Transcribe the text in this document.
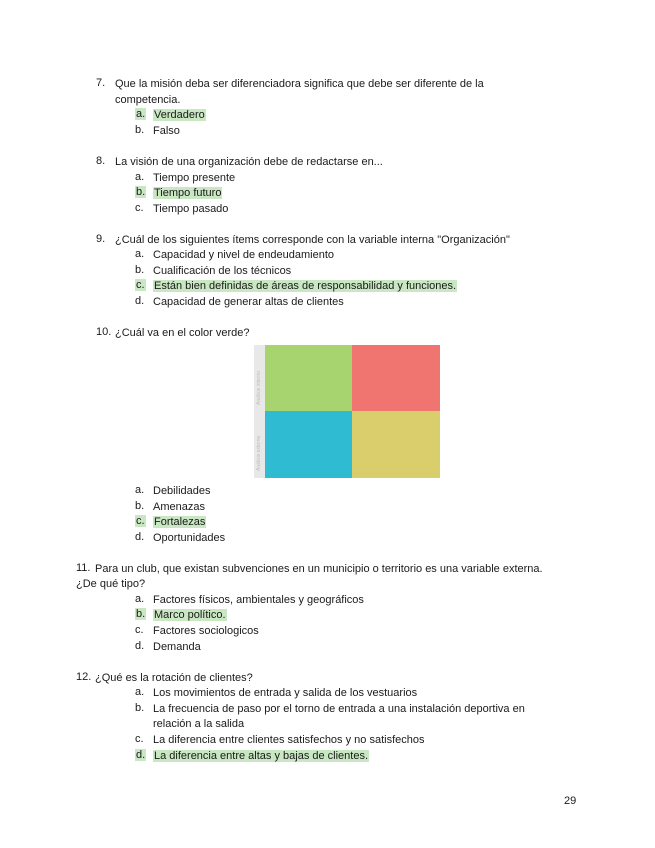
7. Que la misión deba ser diferenciadora significa que debe ser diferente de la
competencia.
a. Verdadero
b. Falso
8. La visión de una organización debe de redactarse en...
a. Tiempo presente
b. Tiempo futuro
c. Tiempo pasado
9. ¿Cuál de los siguientes ítems corresponde con la variable interna "Organización"
a. Capacidad y nivel de endeudamiento
b. Cualificación de los técnicos
c. Están bien definidas de áreas de responsabilidad y funciones.
d. Capacidad de generar altas de clientes
10. ¿Cuál va en el color verde?
Análisis interno
Análisis externo
a. Debilidades
b. Amenazas
c. Fortalezas
d. Oportunidades
11. Para un club, que existan subvenciones en un municipio o territorio es una variable externa.
¿De qué tipo?
a. Factores físicos, ambientales y geográficos
b. Marco político.
c. Factores sociologicos
d. Demanda
12. ¿Qué es la rotación de clientes?
a. Los movimientos de entrada y salida de los vestuarios
b. La frecuencia de paso por el torno de entrada a una instalación deportiva en
relación a la salida
c. La diferencia entre clientes satisfechos y no satisfechos
d. La diferencia entre altas y bajas de clientes.
29
